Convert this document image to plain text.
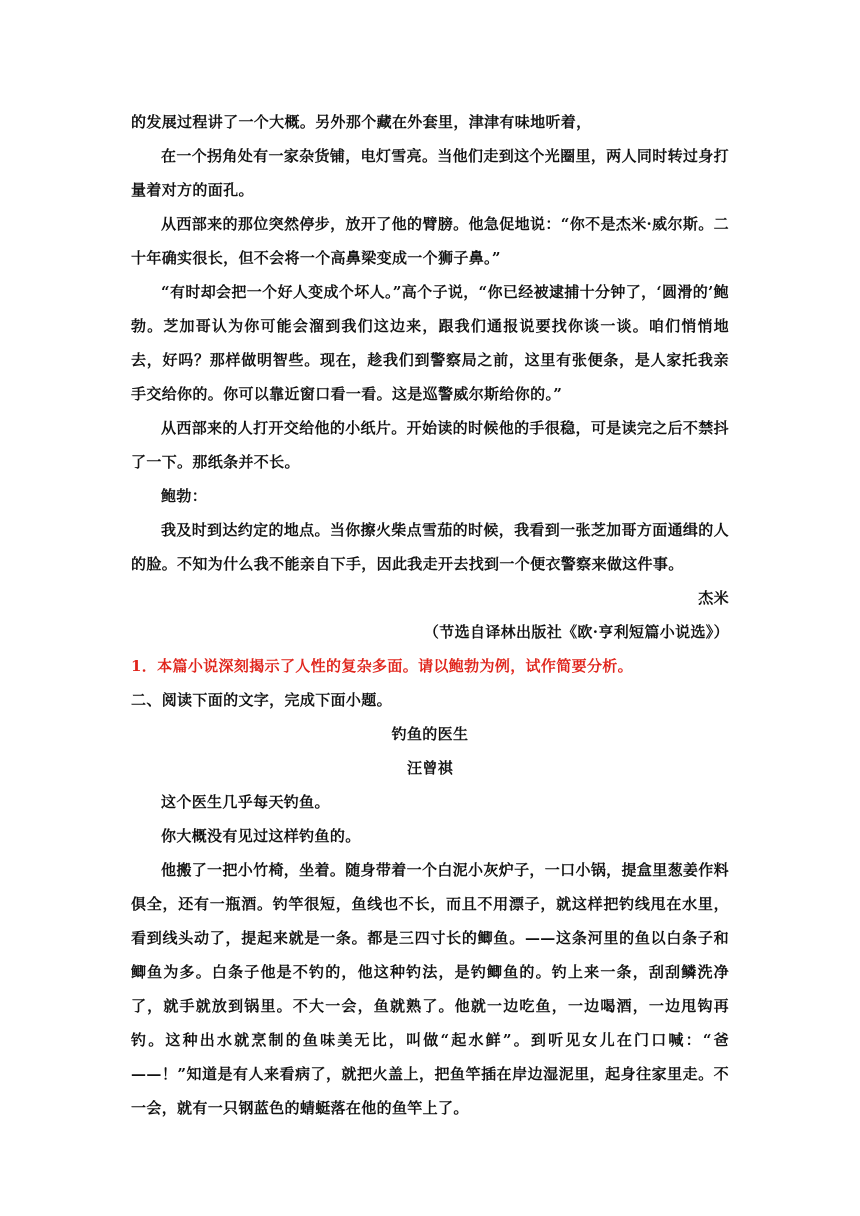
的发展过程讲了一个大概。另外那个藏在外套里，津津有味地听着，

在一个拐角处有一家杂货铺，电灯雪亮。当他们走到这个光圈里，两人同时转过身打量着对方的面孔。

从西部来的那位突然停步，放开了他的臂膀。他急促地说：“你不是杰米·威尔斯。二十年确实很长，但不会将一个高鼻梁变成一个狮子鼻。”

“有时却会把一个好人变成个坏人。”高个子说，“你已经被逮捕十分钟了，‘圆滑的’鲍勃。芝加哥认为你可能会溜到我们这边来，跟我们通报说要找你谈一谈。咱们悄悄地去，好吗？那样做明智些。现在，趁我们到警察局之前，这里有张便条，是人家托我亲手交给你的。你可以靠近窗口看一看。这是巡警威尔斯给你的。”

从西部来的人打开交给他的小纸片。开始读的时候他的手很稳，可是读完之后不禁抖了一下。那纸条并不长。

鲍勃：

我及时到达约定的地点。当你擦火柴点雪茄的时候，我看到一张芝加哥方面通缉的人的脸。不知为什么我不能亲自下手，因此我走开去找到一个便衣警察来做这件事。

杰米

（节选自译林出版社《欧·亨利短篇小说选》）

1．本篇小说深刻揭示了人性的复杂多面。请以鲍勃为例，试作简要分析。

二、阅读下面的文字，完成下面小题。

钓鱼的医生

汪曾祺

这个医生几乎每天钓鱼。

你大概没有见过这样钓鱼的。

他搬了一把小竹椅，坐着。随身带着一个白泥小灰炉子，一口小锅，提盒里葱姜作料俱全，还有一瓶酒。钓竿很短，鱼线也不长，而且不用漂子，就这样把钓线甩在水里，看到线头动了，提起来就是一条。都是三四寸长的鲫鱼。——这条河里的鱼以白条子和鲫鱼为多。白条子他是不钓的，他这种钓法，是钓鲫鱼的。钓上来一条，刮刮鳞洗净了，就手就放到锅里。不大一会，鱼就熟了。他就一边吃鱼，一边喝酒，一边甩钩再钓。这种出水就烹制的鱼味美无比，叫做“起水鲜”。到听见女儿在门口喊：“爸——！”知道是有人来看病了，就把火盖上，把鱼竿插在岸边湿泥里，起身往家里走。不一会，就有一只钢蓝色的蜻蜓落在他的鱼竿上了。
